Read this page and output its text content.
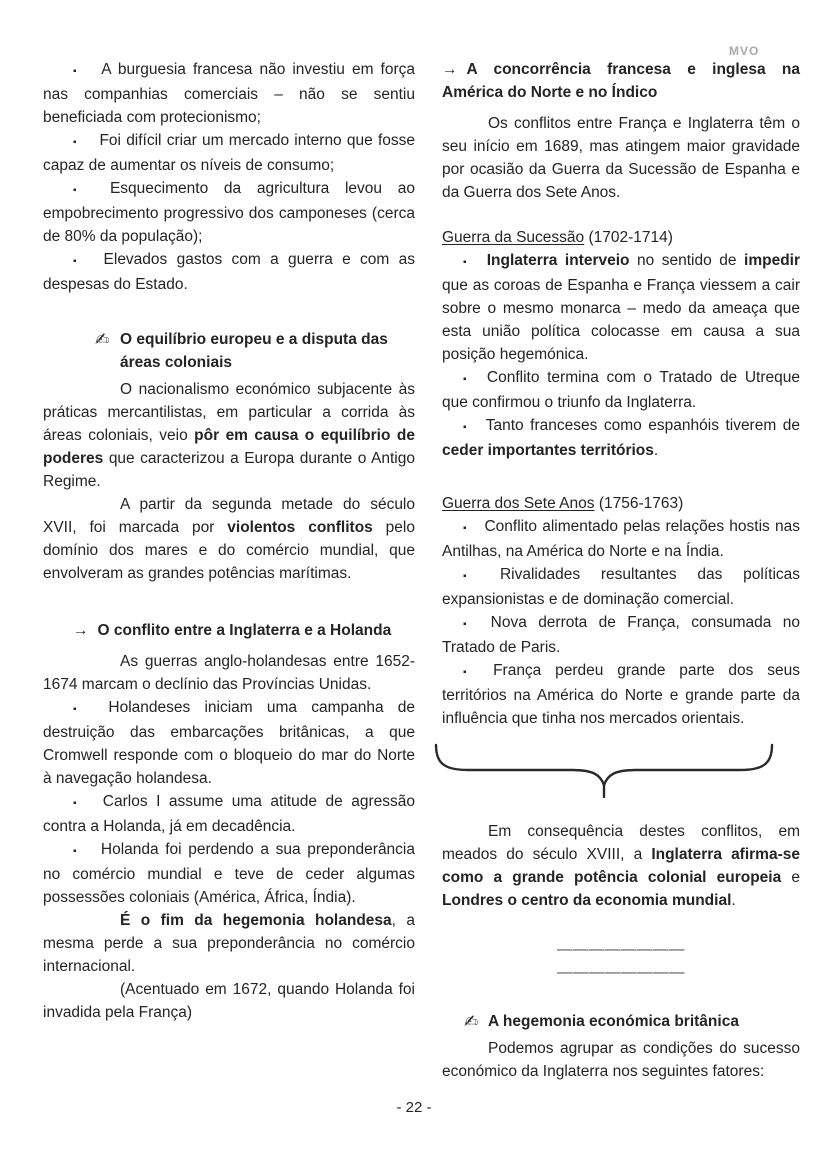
MVO
▪ A burguesia francesa não investiu em força nas companhias comerciais – não se sentiu beneficiada com protecionismo;
▪ Foi difícil criar um mercado interno que fosse capaz de aumentar os níveis de consumo;
▪ Esquecimento da agricultura levou ao empobrecimento progressivo dos camponeses (cerca de 80% da população);
▪ Elevados gastos com a guerra e com as despesas do Estado.
✍ O equilíbrio europeu e a disputa das áreas coloniais
O nacionalismo económico subjacente às práticas mercantilistas, em particular a corrida às áreas coloniais, veio pôr em causa o equilíbrio de poderes que caracterizou a Europa durante o Antigo Regime.
A partir da segunda metade do século XVII, foi marcada por violentos conflitos pelo domínio dos mares e do comércio mundial, que envolveram as grandes potências marítimas.
→ O conflito entre a Inglaterra e a Holanda
As guerras anglo-holandesas entre 1652-1674 marcam o declínio das Províncias Unidas.
▪ Holandeses iniciam uma campanha de destruição das embarcações britânicas, a que Cromwell responde com o bloqueio do mar do Norte à navegação holandesa.
▪ Carlos I assume uma atitude de agressão contra a Holanda, já em decadência.
▪ Holanda foi perdendo a sua preponderância no comércio mundial e teve de ceder algumas possessões coloniais (América, África, Índia).
É o fim da hegemonia holandesa, a mesma perde a sua preponderância no comércio internacional.
(Acentuado em 1672, quando Holanda foi invadida pela França)
→ A concorrência francesa e inglesa na América do Norte e no Índico
Os conflitos entre França e Inglaterra têm o seu início em 1689, mas atingem maior gravidade por ocasião da Guerra da Sucessão de Espanha e da Guerra dos Sete Anos.
Guerra da Sucessão (1702-1714)
▪ Inglaterra interveio no sentido de impedir que as coroas de Espanha e França viessem a cair sobre o mesmo monarca – medo da ameaça que esta união política colocasse em causa a sua posição hegemónica.
▪ Conflito termina com o Tratado de Utreque que confirmou o triunfo da Inglaterra.
▪ Tanto franceses como espanhóis tiverem de ceder importantes territórios.
Guerra dos Sete Anos (1756-1763)
▪ Conflito alimentado pelas relações hostis nas Antilhas, na América do Norte e na Índia.
▪ Rivalidades resultantes das políticas expansionistas e de dominação comercial.
▪ Nova derrota de França, consumada no Tratado de Paris.
▪ França perdeu grande parte dos seus territórios na América do Norte e grande parte da influência que tinha nos mercados orientais.
Em consequência destes conflitos, em meados do século XVIII, a Inglaterra afirma-se como a grande potência colonial europeia e Londres o centro da economia mundial.
————————
————————
✍ A hegemonia económica britânica
Podemos agrupar as condições do sucesso económico da Inglaterra nos seguintes fatores:
- 22 -
